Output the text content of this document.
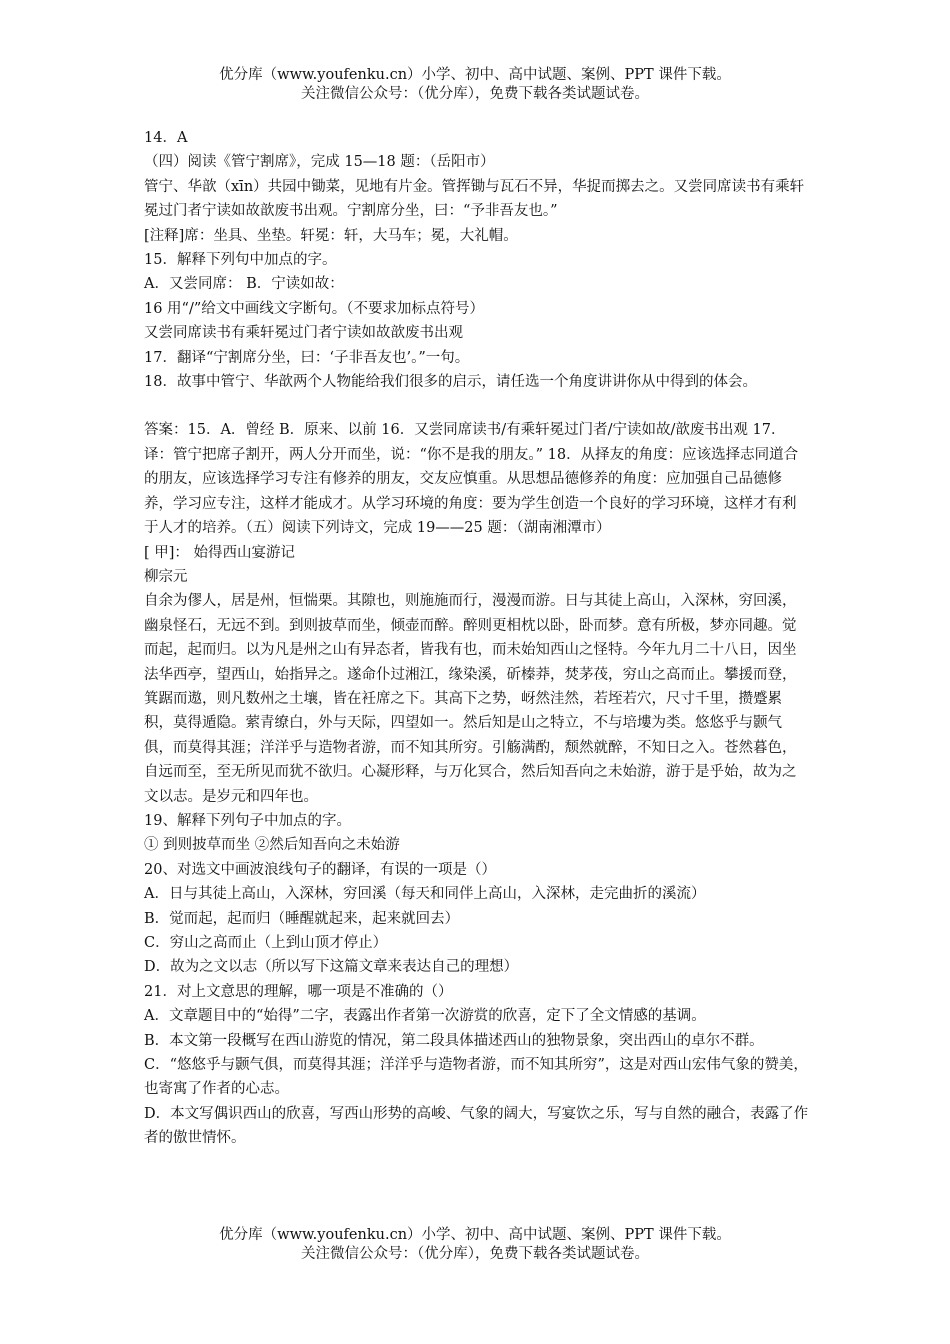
优分库（www.youfenku.cn）小学、初中、高中试题、案例、PPT 课件下载。
关注微信公众号：（优分库），免费下载各类试题试卷。

14．A

（四）阅读《管宁割席》，完成 15—18 题：（岳阳市）

管宁、华歆（xīn）共园中锄菜，见地有片金。管挥锄与瓦石不异，华捉而掷去之。又尝同席读书有乘轩冕过门者宁读如故歆废书出观。宁割席分坐，曰：“予非吾友也。”

[注释]席：坐具、坐垫。轩冕：轩，大马车；冕，大礼帽。

15．解释下列句中加点的字。

A．又尝同席： B．宁读如故：

16 用“/”给文中画线文字断句。（不要求加标点符号）

又尝同席读书有乘轩冕过门者宁读如故歆废书出观

17．翻译“宁割席分坐，曰：‘子非吾友也’。”一句。

18．故事中管宁、华歆两个人物能给我们很多的启示，请任选一个角度讲讲你从中得到的体会。

答案：15．A．曾经 B．原来、以前 16．又尝同席读书/有乘轩冕过门者/宁读如故/歆废书出观 17．译：管宁把席子割开，两人分开而坐，说：“你不是我的朋友。” 18．从择友的角度：应该选择志同道合的朋友，应该选择学习专注有修养的朋友，交友应慎重。从思想品德修养的角度：应加强自己品德修养，学习应专注，这样才能成才。从学习环境的角度：要为学生创造一个良好的学习环境，这样才有利于人才的培养。（五）阅读下列诗文，完成 19——25 题：（湖南湘潭市）

[ 甲]： 始得西山宴游记

柳宗元

自余为僇人，居是州，恒惴栗。其隙也，则施施而行，漫漫而游。日与其徒上高山，入深林，穷回溪，幽泉怪石，无远不到。到则披草而坐，倾壶而醉。醉则更相枕以卧，卧而梦。意有所极，梦亦同趣。觉而起，起而归。以为凡是州之山有异态者，皆我有也，而未始知西山之怪特。今年九月二十八日，因坐法华西亭，望西山，始指异之。遂命仆过湘江，缘染溪，斫榛莽，焚茅茷，穷山之高而止。攀援而登，箕踞而遨，则凡数州之土壤，皆在衽席之下。其高下之势，岈然洼然，若垤若穴，尺寸千里，攒蹙累积，莫得遁隐。萦青缭白，外与天际，四望如一。然后知是山之特立，不与培塿为类。悠悠乎与颢气俱，而莫得其涯；洋洋乎与造物者游，而不知其所穷。引觞满酌，颓然就醉，不知日之入。苍然暮色，自远而至，至无所见而犹不欲归。心凝形释，与万化冥合，然后知吾向之未始游，游于是乎始，故为之文以志。是岁元和四年也。

19、解释下列句子中加点的字。

① 到则披草而坐 ②然后知吾向之未始游

20、对选文中画波浪线句子的翻译，有误的一项是（）

A．日与其徒上高山，入深林，穷回溪（每天和同伴上高山，入深林，走完曲折的溪流）

B．觉而起，起而归（睡醒就起来，起来就回去）

C．穷山之高而止（上到山顶才停止）

D．故为之文以志（所以写下这篇文章来表达自己的理想）

21．对上文意思的理解，哪一项是不准确的（）

A．文章题目中的“始得”二字，表露出作者第一次游赏的欣喜，定下了全文情感的基调。

B．本文第一段概写在西山游览的情况，第二段具体描述西山的独物景象，突出西山的卓尔不群。

C．“悠悠乎与颢气俱，而莫得其涯；洋洋乎与造物者游，而不知其所穷”，这是对西山宏伟气象的赞美，也寄寓了作者的心志。

D．本文写偶识西山的欣喜，写西山形势的高峻、气象的阔大，写宴饮之乐，写与自然的融合，表露了作者的傲世情怀。

优分库（www.youfenku.cn）小学、初中、高中试题、案例、PPT 课件下载。
关注微信公众号：（优分库），免费下载各类试题试卷。
